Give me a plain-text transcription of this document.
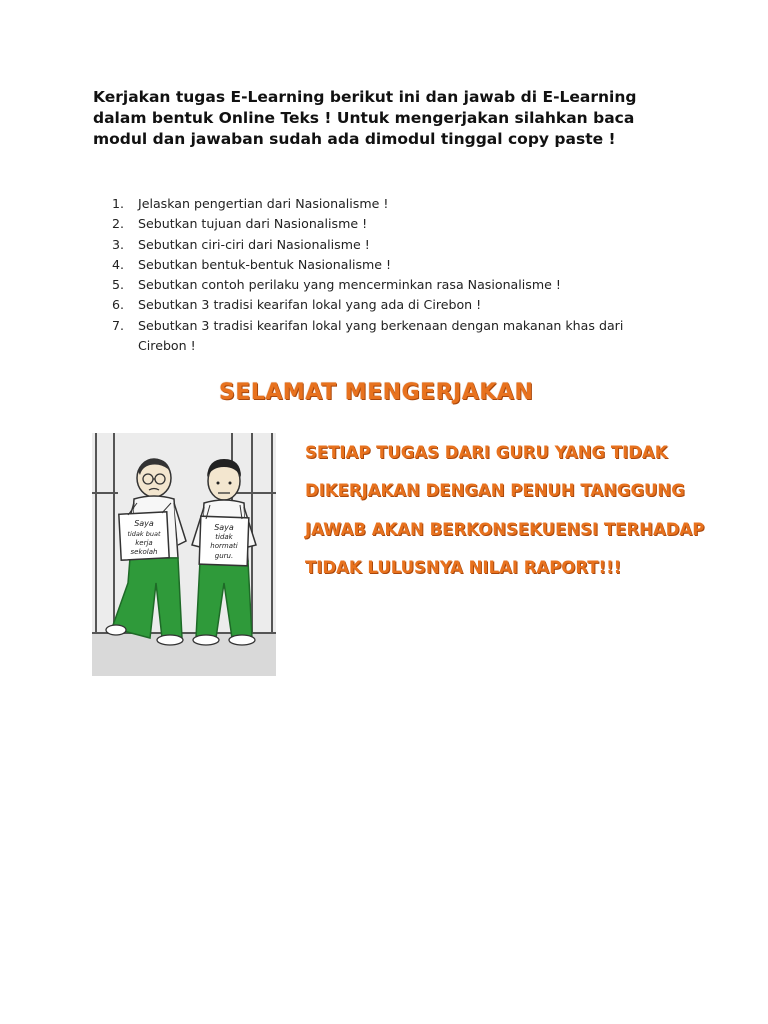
Kerjakan tugas E-Learning berikut ini dan jawab di E-Learning
dalam bentuk Online Teks ! Untuk mengerjakan silahkan baca
modul dan jawaban sudah ada dimodul tinggal copy paste !

1. Jelaskan pengertian dari Nasionalisme !
2. Sebutkan tujuan dari Nasionalisme !
3. Sebutkan ciri-ciri dari Nasionalisme !
4. Sebutkan bentuk-bentuk Nasionalisme !
5. Sebutkan contoh perilaku yang mencerminkan rasa Nasionalisme !
6. Sebutkan 3 tradisi kearifan lokal yang ada di Cirebon !
7. Sebutkan 3 tradisi kearifan lokal yang berkenaan dengan makanan khas dari
Cirebon !
SELAMAT MENGERJAKAN
Saya
tidak buat
kerja
sekolah
Saya
tidak
hormati
guru.

SETIAP TUGAS DARI GURU YANG TIDAK
DIKERJAKAN DENGAN PENUH TANGGUNG
JAWAB AKAN BERKONSEKUENSI TERHADAP
TIDAK LULUSNYA NILAI RAPORT!!!
